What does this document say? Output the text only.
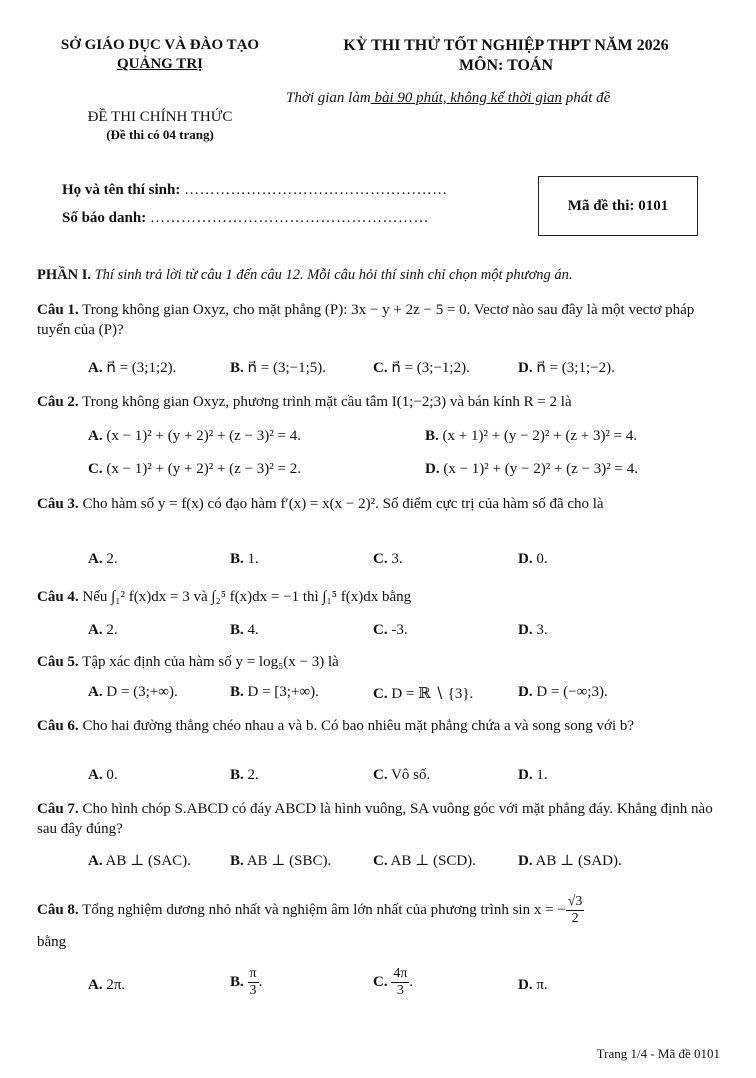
SỞ GIÁO DỤC VÀ ĐÀO TẠO
QUẢNG TRỊ
KỲ THI THỬ TỐT NGHIỆP THPT NĂM 2026
MÔN: TOÁN
Thời gian làm bài 90 phút, không kể thời gian phát đề
ĐỀ THI CHÍNH THỨC
(Đề thi có 04 trang)
Họ và tên thí sinh: ……………………………………………
Số báo danh: ………………………………………………
Mã đề thi: 0101
PHẦN I. Thí sinh trả lời từ câu 1 đến câu 12. Mỗi câu hỏi thí sinh chỉ chọn một phương án.
Câu 1. Trong không gian Oxyz, cho mặt phẳng (P): 3x − y + 2z − 5 = 0. Vectơ nào sau đây là một vectơ pháp tuyến của (P)?
A. n⃗ = (3;1;2).	B. n⃗ = (3;−1;5).	C. n⃗ = (3;−1;2).	D. n⃗ = (3;1;−2).
Câu 2. Trong không gian Oxyz, phương trình mặt cầu tâm I(1;−2;3) và bán kính R = 2 là
A. (x − 1)² + (y + 2)² + (z − 3)² = 4.	B. (x + 1)² + (y − 2)² + (z + 3)² = 4.
C. (x − 1)² + (y + 2)² + (z − 3)² = 2.	D. (x − 1)² + (y − 2)² + (z − 3)² = 4.
Câu 3. Cho hàm số y = f(x) có đạo hàm f′(x) = x(x − 2)². Số điểm cực trị của hàm số đã cho là
A. 2.	B. 1.	C. 3.	D. 0.
Câu 4. Nếu ∫₁² f(x)dx = 3 và ∫₂⁵ f(x)dx = −1 thì ∫₁⁵ f(x)dx bằng
A. 2.	B. 4.	C. -3.	D. 3.
Câu 5. Tập xác định của hàm số y = log₅(x − 3) là
A. D = (3;+∞).	B. D = [3;+∞).	C. D = ℝ ∖ {3}.	D. D = (−∞;3).
Câu 6. Cho hai đường thẳng chéo nhau a và b. Có bao nhiêu mặt phẳng chứa a và song song với b?
A. 0.	B. 2.	C. Vô số.	D. 1.
Câu 7. Cho hình chóp S.ABCD có đáy ABCD là hình vuông, SA vuông góc với mặt phẳng đáy. Khẳng định nào sau đây đúng?
A. AB ⊥ (SAC).	B. AB ⊥ (SBC).	C. AB ⊥ (SCD).	D. AB ⊥ (SAD).
Câu 8. Tổng nghiệm dương nhỏ nhất và nghiệm âm lớn nhất của phương trình sin x = − $\frac{√3}{2}$
bằng
A. 2π.	B. $\frac{\pi}{3}$ .	C. $\frac{4\pi}{3}$ .	D. π.
Trang 1/4 - Mã đề 0101
